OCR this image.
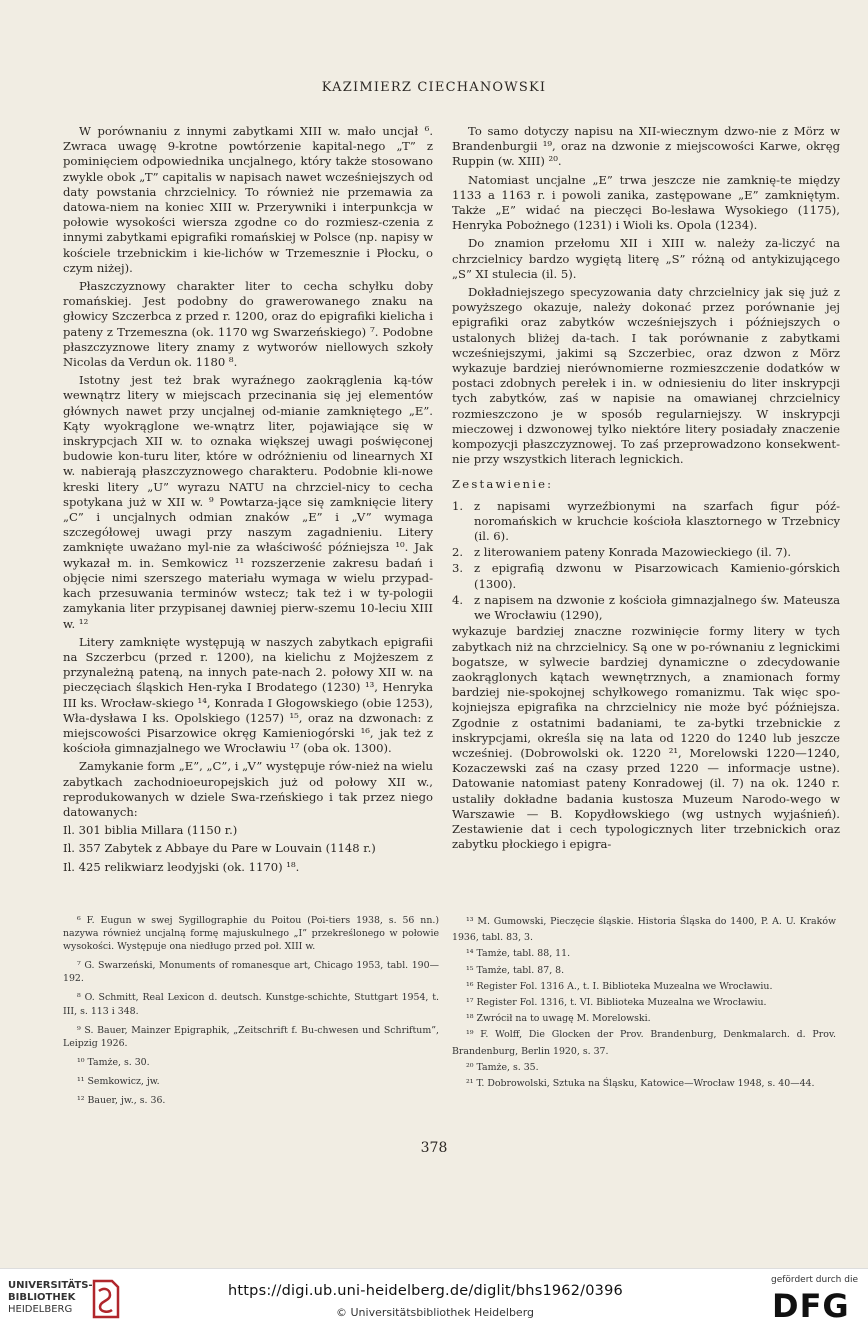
KAZIMIERZ CIECHANOWSKI

W porównaniu z innymi zabytkami XIII w. mało uncjał ⁶. Zwraca uwagę 9-krotne powtórzenie kapital-nego „T” z pominięciem odpowiednika uncjalnego, który także stosowano zwykle obok „T” capitalis w napisach nawet wcześniejszych od daty powstania chrzcielnicy. To również nie przemawia za datowa-niem na koniec XIII w. Przerywniki i interpunkcja w połowie wysokości wiersza zgodne co do rozmiesz-czenia z innymi zabytkami epigrafiki romańskiej w Polsce (np. napisy w kościele trzebnickim i kie-lichów w Trzemesznie i Płocku, o czym niżej).

Płaszczyznowy charakter liter to cecha schyłku doby romańskiej. Jest podobny do grawerowanego znaku na głowicy Szczerbca z przed r. 1200, oraz do epigrafiki kielicha i pateny z Trzemeszna (ok. 1170 wg Swarzeńskiego) ⁷. Podobne płaszczyznowe litery znamy z wytworów niellowych szkoły Nicolas da Verdun ok. 1180 ⁸.

Istotny jest też brak wyraźnego zaokrąglenia ką-tów wewnątrz litery w miejscach przecinania się jej elementów głównych nawet przy uncjalnej od-mianie zamkniętego „E”. Kąty wyokrąglone we-wnątrz liter, pojawiające się w inskrypcjach XII w. to oznaka większej uwagi poświęconej budowie kon-turu liter, które w odróżnieniu od linearnych XI w. nabierają płaszczyznowego charakteru. Podobnie kli-nowe kreski litery „U” wyrazu NATU na chrzciel-nicy to cecha spotykana już w XII w. ⁹ Powtarza-jące się zamknięcie litery „C” i uncjalnych odmian znaków „E” i „V” wymaga szczegółowej uwagi przy naszym zagadnieniu. Litery zamknięte uważano myl-nie za właściwość późniejsza ¹⁰. Jak wykazał m. in. Semkowicz ¹¹ rozszerzenie zakresu badań i objęcie nimi szerszego materiału wymaga w wielu przypad-kach przesuwania terminów wstecz; tak też i w ty-pologii zamykania liter przypisanej dawniej pierw-szemu 10-leciu XIII w. ¹²

Litery zamknięte występują w naszych zabytkach epigrafii na Szczerbcu (przed r. 1200), na kielichu z Mojżeszem z przynależną pateną, na innych pate-nach 2. połowy XII w. na pieczęciach śląskich Hen-ryka I Brodatego (1230) ¹³, Henryka III ks. Wrocław-skiego ¹⁴, Konrada I Głogowskiego (obie 1253), Wła-dysława I ks. Opolskiego (1257) ¹⁵, oraz na dzwonach: z miejscowości Pisarzowice okręg Kamieniogórski ¹⁶, jak też z kościoła gimnazjalnego we Wrocławiu ¹⁷ (oba ok. 1300).

Zamykanie form „E”, „C”, i „V” występuje rów-nież na wielu zabytkach zachodnioeuropejskich już od połowy XII w., reprodukowanych w dziele Swa-rzeńskiego i tak przez niego datowanych:

Il. 301 biblia Millara (1150 r.)

Il. 357 Zabytek z Abbaye du Pare w Louvain (1148 r.)

Il. 425 relikwiarz leodyjski (ok. 1170) ¹⁸.

To samo dotyczy napisu na XII-wiecznym dzwo-nie z Mörz w Brandenburgii ¹⁹, oraz na dzwonie z miejscowości Karwe, okręg Ruppin (w. XIII) ²⁰.

Natomiast uncjalne „E” trwa jeszcze nie zamknię-te między 1133 a 1163 r. i powoli zanika, zastępowane „E” zamkniętym. Także „E” widać na pieczęci Bo-lesława Wysokiego (1175), Henryka Pobożnego (1231) i Wioli ks. Opola (1234).

Do znamion przełomu XII i XIII w. należy za-liczyć na chrzcielnicy bardzo wygiętą literę „S” różną od antykizującego „S” XI stulecia (il. 5).

Dokładniejszego specyzowania daty chrzcielnicy jak się już z powyższego okazuje, należy dokonać przez porównanie jej epigrafiki oraz zabytków wcześniejszych i późniejszych o ustalonych bliżej da-tach. I tak porównanie z zabytkami wcześniejszymi, jakimi są Szczerbiec, oraz dzwon z Mörz wykazuje bardziej nierównomierne rozmieszczenie dodatków w postaci zdobnych perełek i in. w odniesieniu do liter inskrypcji tych zabytków, zaś w napisie na omawianej chrzcielnicy rozmieszczono je w sposób regularniejszy. W inskrypcji mieczowej i dzwonowej tylko niektóre litery posiadały znaczenie kompozycji płaszczyznowej. To zaś przeprowadzono konsekwent-nie przy wszystkich literach legnickich.

Zestawienie:

1. z napisami wyrzeźbionymi na szarfach figur póź-noromańskich w kruchcie kościoła klasztornego w Trzebnicy (il. 6).
2. z literowaniem pateny Konrada Mazowieckiego (il. 7).
3. z epigrafią dzwonu w Pisarzowicach Kamienio-górskich (1300).
4. z napisem na dzwonie z kościoła gimnazjalnego św. Mateusza we Wrocławiu (1290),

wykazuje bardziej znaczne rozwinięcie formy litery w tych zabytkach niż na chrzcielnicy. Są one w po-równaniu z legnickimi bogatsze, w sylwecie bardziej dynamiczne o zdecydowanie zaokrąglonych kątach wewnętrznych, a znamionach formy bardziej nie-spokojnej schyłkowego romanizmu. Tak więc spo-kojniejsza epigrafika na chrzcielnicy nie może być późniejsza. Zgodnie z ostatnimi badaniami, te za-bytki trzebnickie z inskrypcjami, określa się na lata od 1220 do 1240 lub jeszcze wcześniej. (Dobrowolski ok. 1220 ²¹, Morelowski 1220—1240, Kozaczewski zaś na czasy przed 1220 — informacje ustne). Datowanie natomiast pateny Konradowej (il. 7) na ok. 1240 r. ustaliły dokładne badania kustosza Muzeum Narodo-wego w Warszawie — B. Kopydłowskiego (wg ustnych wyjaśnień). Zestawienie dat i cech typologicznych liter trzebnickich oraz zabytku płockiego i epigra-

⁶ F. Eugun w swej Sygillographie du Poitou (Poi-tiers 1938, s. 56 nn.) nazywa również uncjalną formę majuskulnego „I” przekreślonego w połowie wysokości. Występuje ona niedługo przed poł. XIII w.
⁷ G. Swarzeński, Monuments of romanesque art, Chicago 1953, tabl. 190—192.
⁸ O. Schmitt, Real Lexicon d. deutsch. Kunstge-schichte, Stuttgart 1954, t. III, s. 113 i 348.
⁹ S. Bauer, Mainzer Epigraphik, „Zeitschrift f. Bu-chwesen und Schriftum”, Leipzig 1926.
¹⁰ Tamże, s. 30.
¹¹ Semkowicz, jw.
¹² Bauer, jw., s. 36.
¹³ M. Gumowski, Pieczęcie śląskie. Historia Śląska do 1400, P. A. U. Kraków 1936, tabl. 83, 3.
¹⁴ Tamże, tabl. 88, 11.
¹⁵ Tamże, tabl. 87, 8.
¹⁶ Register Fol. 1316 A., t. I. Biblioteka Muzealna we Wrocławiu.
¹⁷ Register Fol. 1316, t. VI. Biblioteka Muzealna we Wrocławiu.
¹⁸ Zwrócił na to uwagę M. Morelowski.
¹⁹ F. Wolff, Die Glocken der Prov. Brandenburg, Denkmalarch. d. Prov. Brandenburg, Berlin 1920, s. 37.
²⁰ Tamże, s. 35.
²¹ T. Dobrowolski, Sztuka na Śląsku, Katowice—Wrocław 1948, s. 40—44.
378
UNIVERSITÄTS-
BIBLIOTHEK
HEIDELBERG
https://digi.ub.uni-heidelberg.de/diglit/bhs1962/0396
© Universitätsbibliothek Heidelberg
gefördert durch die
DFG
